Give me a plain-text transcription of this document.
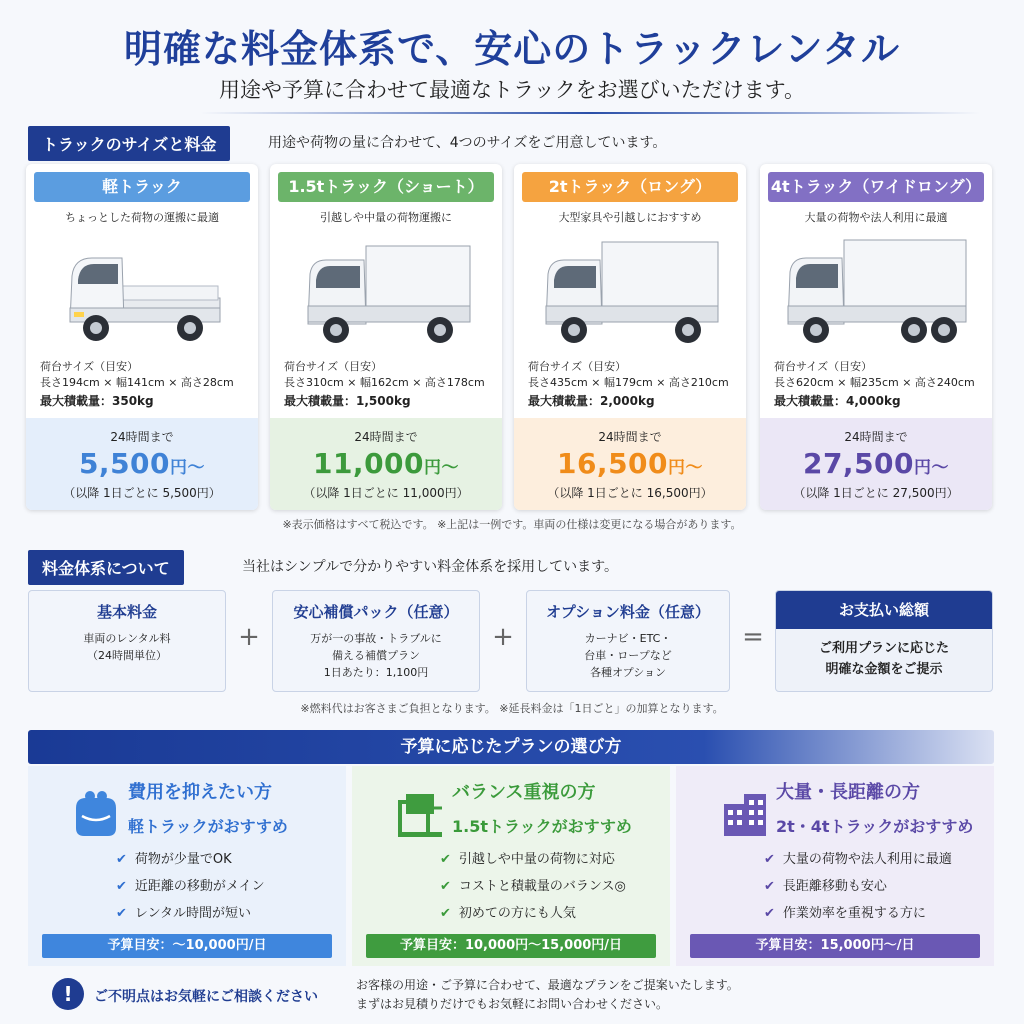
明確な料金体系で、安心のトラックレンタル
用途や予算に合わせて最適なトラックをお選びいただけます。
トラックのサイズと料金	用途や荷物の量に合わせて、4つのサイズをご用意しています。
軽トラック
ちょっとした荷物の運搬に最適
荷台サイズ（目安）
長さ194cm × 幅141cm × 高さ28cm
最大積載量：350kg
24時間まで
5,500円〜
（以降 1日ごとに 5,500円）
1.5tトラック（ショート）
引越しや中量の荷物運搬に
荷台サイズ（目安）
長さ310cm × 幅162cm × 高さ178cm
最大積載量：1,500kg
24時間まで
11,000円〜
（以降 1日ごとに 11,000円）
2tトラック（ロング）
大型家具や引越しにおすすめ
荷台サイズ（目安）
長さ435cm × 幅179cm × 高さ210cm
最大積載量：2,000kg
24時間まで
16,500円〜
（以降 1日ごとに 16,500円）
4tトラック（ワイドロング）
大量の荷物や法人利用に最適
荷台サイズ（目安）
長さ620cm × 幅235cm × 高さ240cm
最大積載量：4,000kg
24時間まで
27,500円〜
（以降 1日ごとに 27,500円）
※表示価格はすべて税込です。 ※上記は一例です。車両の仕様は変更になる場合があります。
料金体系について	当社はシンプルで分かりやすい料金体系を採用しています。
基本料金
車両のレンタル料
（24時間単位）
+
安心補償パック（任意）
万が一の事故・トラブルに
備える補償プラン
1日あたり：1,100円
+
オプション料金（任意）
カーナビ・ETC・
台車・ロープなど
各種オプション
=
お支払い総額
ご利用プランに応じた
明確な金額をご提示
※燃料代はお客さまご負担となります。 ※延長料金は「1日ごと」の加算となります。
予算に応じたプランの選び方
費用を抑えたい方
軽トラックがおすすめ
✔ 荷物が少量でOK
✔ 近距離の移動がメイン
✔ レンタル時間が短い
予算目安：〜10,000円/日
バランス重視の方
1.5tトラックがおすすめ
✔ 引越しや中量の荷物に対応
✔ コストと積載量のバランス◎
✔ 初めての方にも人気
予算目安：10,000円〜15,000円/日
大量・長距離の方
2t・4tトラックがおすすめ
✔ 大量の荷物や法人利用に最適
✔ 長距離移動も安心
✔ 作業効率を重視する方に
予算目安：15,000円〜/日
!	ご不明点はお気軽にご相談ください
お客様の用途・ご予算に合わせて、最適なプランをご提案いたします。
まずはお見積りだけでもお気軽にお問い合わせください。
